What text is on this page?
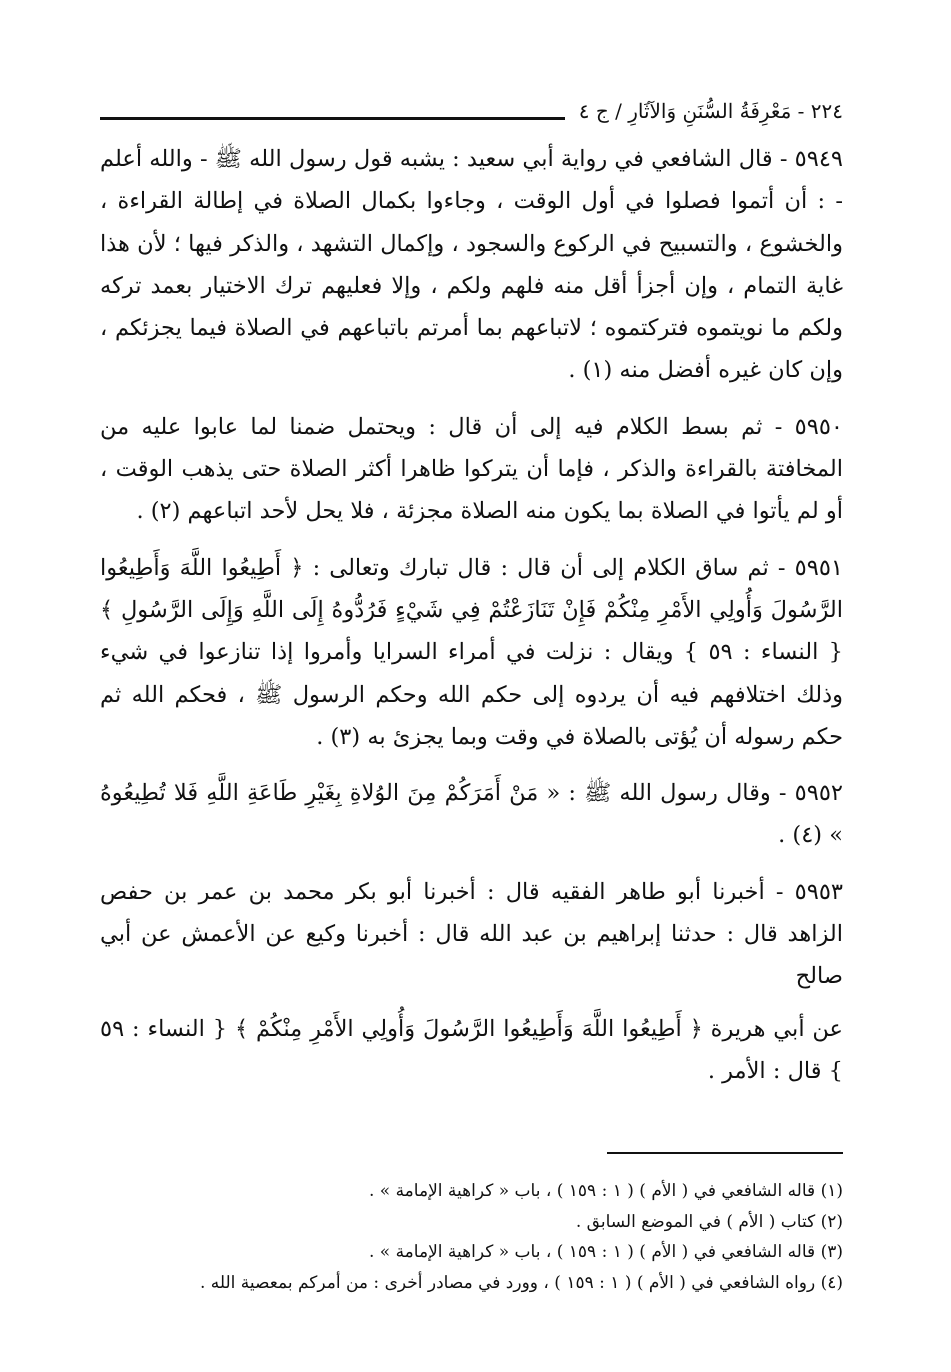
٢٢٤ - مَعْرِفَةُ السُّنَنِ وَالآثَارِ / ج ٤

٥٩٤٩ - قال الشافعي في رواية أبي سعيد : يشبه قول رسول الله ﷺ - والله أعلم - : أن أتموا فصلوا في أول الوقت ، وجاءوا بكمال الصلاة في إطالة القراءة ، والخشوع ، والتسبيح في الركوع والسجود ، وإكمال التشهد ، والذكر فيها ؛ لأن هذا غاية التمام ، وإن أجزأ أقل منه فلهم ولكم ، وإلا فعليهم ترك الاختيار بعمد تركه ولكم ما نويتموه فتركتموه ؛ لاتباعهم بما أمرتم باتباعهم في الصلاة فيما يجزئكم ، وإن كان غيره أفضل منه (١) .

٥٩٥٠ - ثم بسط الكلام فيه إلى أن قال : ويحتمل ضمنا لما عابوا عليه من المخافتة بالقراءة والذكر ، فإما أن يتركوا ظاهرا أكثر الصلاة حتى يذهب الوقت ، أو لم يأتوا في الصلاة بما يكون منه الصلاة مجزئة ، فلا يحل لأحد اتباعهم (٢) .

٥٩٥١ - ثم ساق الكلام إلى أن قال : قال تبارك وتعالى : ﴿ أَطِيعُوا اللَّهَ وَأَطِيعُوا الرَّسُولَ وَأُولِي الأَمْرِ مِنْكُمْ فَإِنْ تَنَازَعْتُمْ فِي شَيْءٍ فَرُدُّوهُ إِلَى اللَّهِ وَإِلَى الرَّسُولِ ﴾ { النساء : ٥٩ } ويقال : نزلت في أمراء السرايا وأمروا إذا تنازعوا في شيء وذلك اختلافهم فيه أن يردوه إلى حكم الله وحكم الرسول ﷺ ، فحكم الله ثم حكم رسوله أن يُؤتى بالصلاة في وقت وبما يجزئ به (٣) .

٥٩٥٢ - وقال رسول الله ﷺ : « مَنْ أَمَرَكُمْ مِنَ الوُلاةِ بِغَيْرِ طَاعَةِ اللَّهِ فَلا تُطِيعُوهُ » (٤) .

٥٩٥٣ - أخبرنا أبو طاهر الفقيه قال : أخبرنا أبو بكر محمد بن عمر بن حفص الزاهد قال : حدثنا إبراهيم بن عبد الله قال : أخبرنا وكيع عن الأعمش عن أبي صالح

عن أبي هريرة ﴿ أَطِيعُوا اللَّهَ وَأَطِيعُوا الرَّسُولَ وَأُولِي الأَمْرِ مِنْكُمْ ﴾ { النساء : ٥٩ } قال : الأمر .

(١) قاله الشافعي في ( الأم ) ( ١ : ١٥٩ ) ، باب « كراهية الإمامة » .

(٢) كتاب ( الأم ) في الموضع السابق .

(٣) قاله الشافعي في ( الأم ) ( ١ : ١٥٩ ) ، باب « كراهية الإمامة » .

(٤) رواه الشافعي في ( الأم ) ( ١ : ١٥٩ ) ، وورد في مصادر أخرى : من أمركم بمعصية الله .
